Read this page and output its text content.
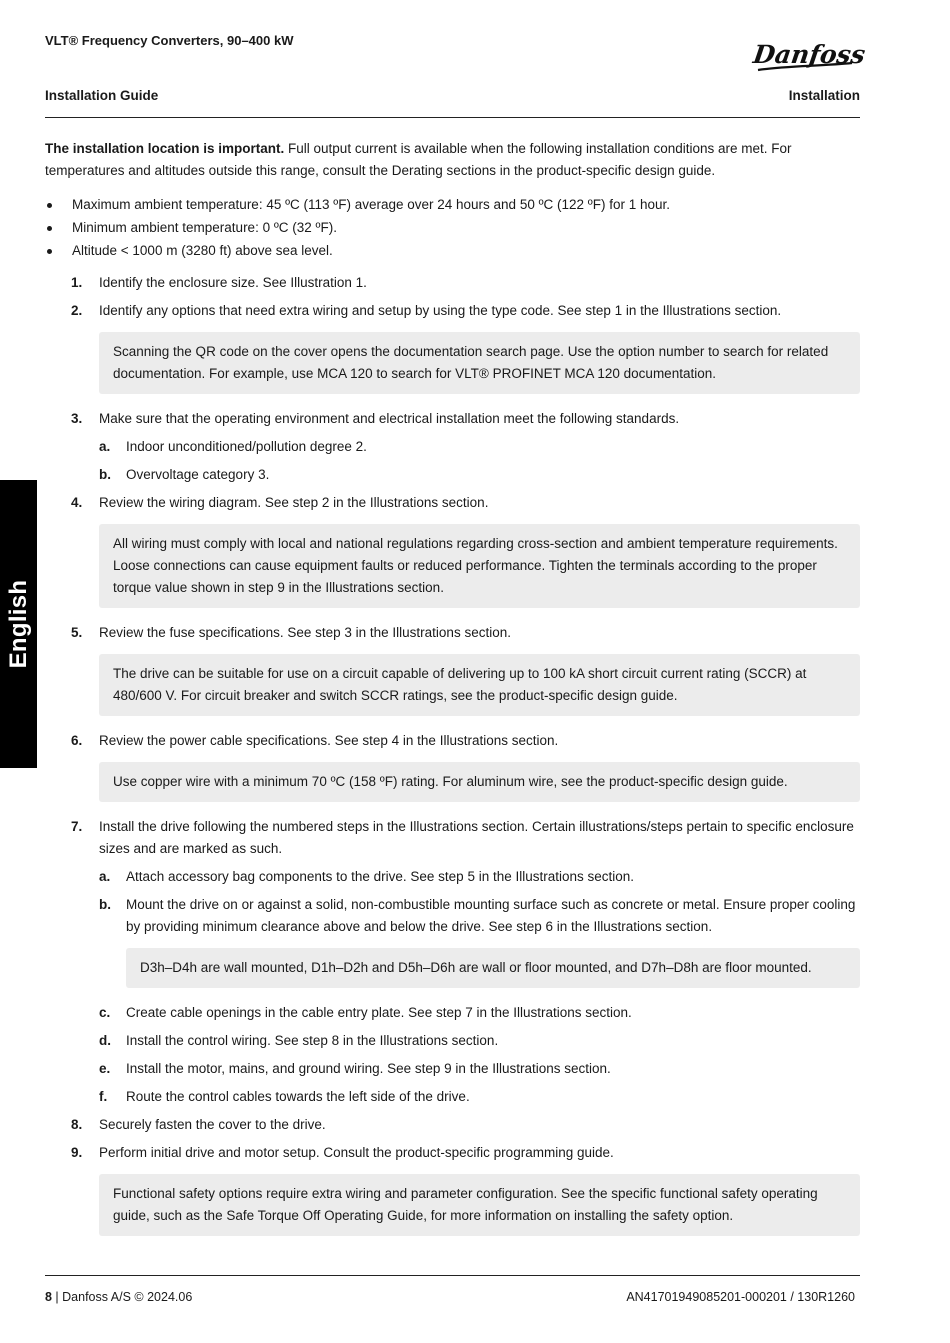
VLT® Frequency Converters, 90–400 kW	Danfoss
Installation Guide	Installation
English

The installation location is important. Full output current is available when the following installation conditions are met. For temperatures and altitudes outside this range, consult the Derating sections in the product-specific design guide.

Maximum ambient temperature: 45 ºC (113 ºF) average over 24 hours and 50 ºC (122 ºF) for 1 hour.
Minimum ambient temperature: 0 ºC (32 ºF).
Altitude < 1000 m (3280 ft) above sea level.
1. Identify the enclosure size. See Illustration 1.
2. Identify any options that need extra wiring and setup by using the type code. See step 1 in the Illustrations section.
Scanning the QR code on the cover opens the documentation search page. Use the option number to search for related documentation. For example, use MCA 120 to search for VLT® PROFINET MCA 120 documentation.
3. Make sure that the operating environment and electrical installation meet the following standards.
a. Indoor unconditioned/pollution degree 2.
b. Overvoltage category 3.
4. Review the wiring diagram. See step 2 in the Illustrations section.
All wiring must comply with local and national regulations regarding cross-section and ambient temperature requirements. Loose connections can cause equipment faults or reduced performance. Tighten the terminals according to the proper torque value shown in step 9 in the Illustrations section.
5. Review the fuse specifications. See step 3 in the Illustrations section.
The drive can be suitable for use on a circuit capable of delivering up to 100 kA short circuit current rating (SCCR) at 480/600 V. For circuit breaker and switch SCCR ratings, see the product-specific design guide.
6. Review the power cable specifications. See step 4 in the Illustrations section.
Use copper wire with a minimum 70 ºC (158 ºF) rating. For aluminum wire, see the product-specific design guide.
7. Install the drive following the numbered steps in the Illustrations section. Certain illustrations/steps pertain to specific enclosure sizes and are marked as such.
a. Attach accessory bag components to the drive. See step 5 in the Illustrations section.
b. Mount the drive on or against a solid, non-combustible mounting surface such as concrete or metal. Ensure proper cooling by providing minimum clearance above and below the drive. See step 6 in the Illustrations section.
D3h–D4h are wall mounted, D1h–D2h and D5h–D6h are wall or floor mounted, and D7h–D8h are floor mounted.
c. Create cable openings in the cable entry plate. See step 7 in the Illustrations section.
d. Install the control wiring. See step 8 in the Illustrations section.
e. Install the motor, mains, and ground wiring. See step 9 in the Illustrations section.
f. Route the control cables towards the left side of the drive.
8. Securely fasten the cover to the drive.
9. Perform initial drive and motor setup. Consult the product-specific programming guide.
Functional safety options require extra wiring and parameter configuration. See the specific functional safety operating guide, such as the Safe Torque Off Operating Guide, for more information on installing the safety option.
8 | Danfoss A/S © 2024.06	AN41701949085201-000201 / 130R1260
